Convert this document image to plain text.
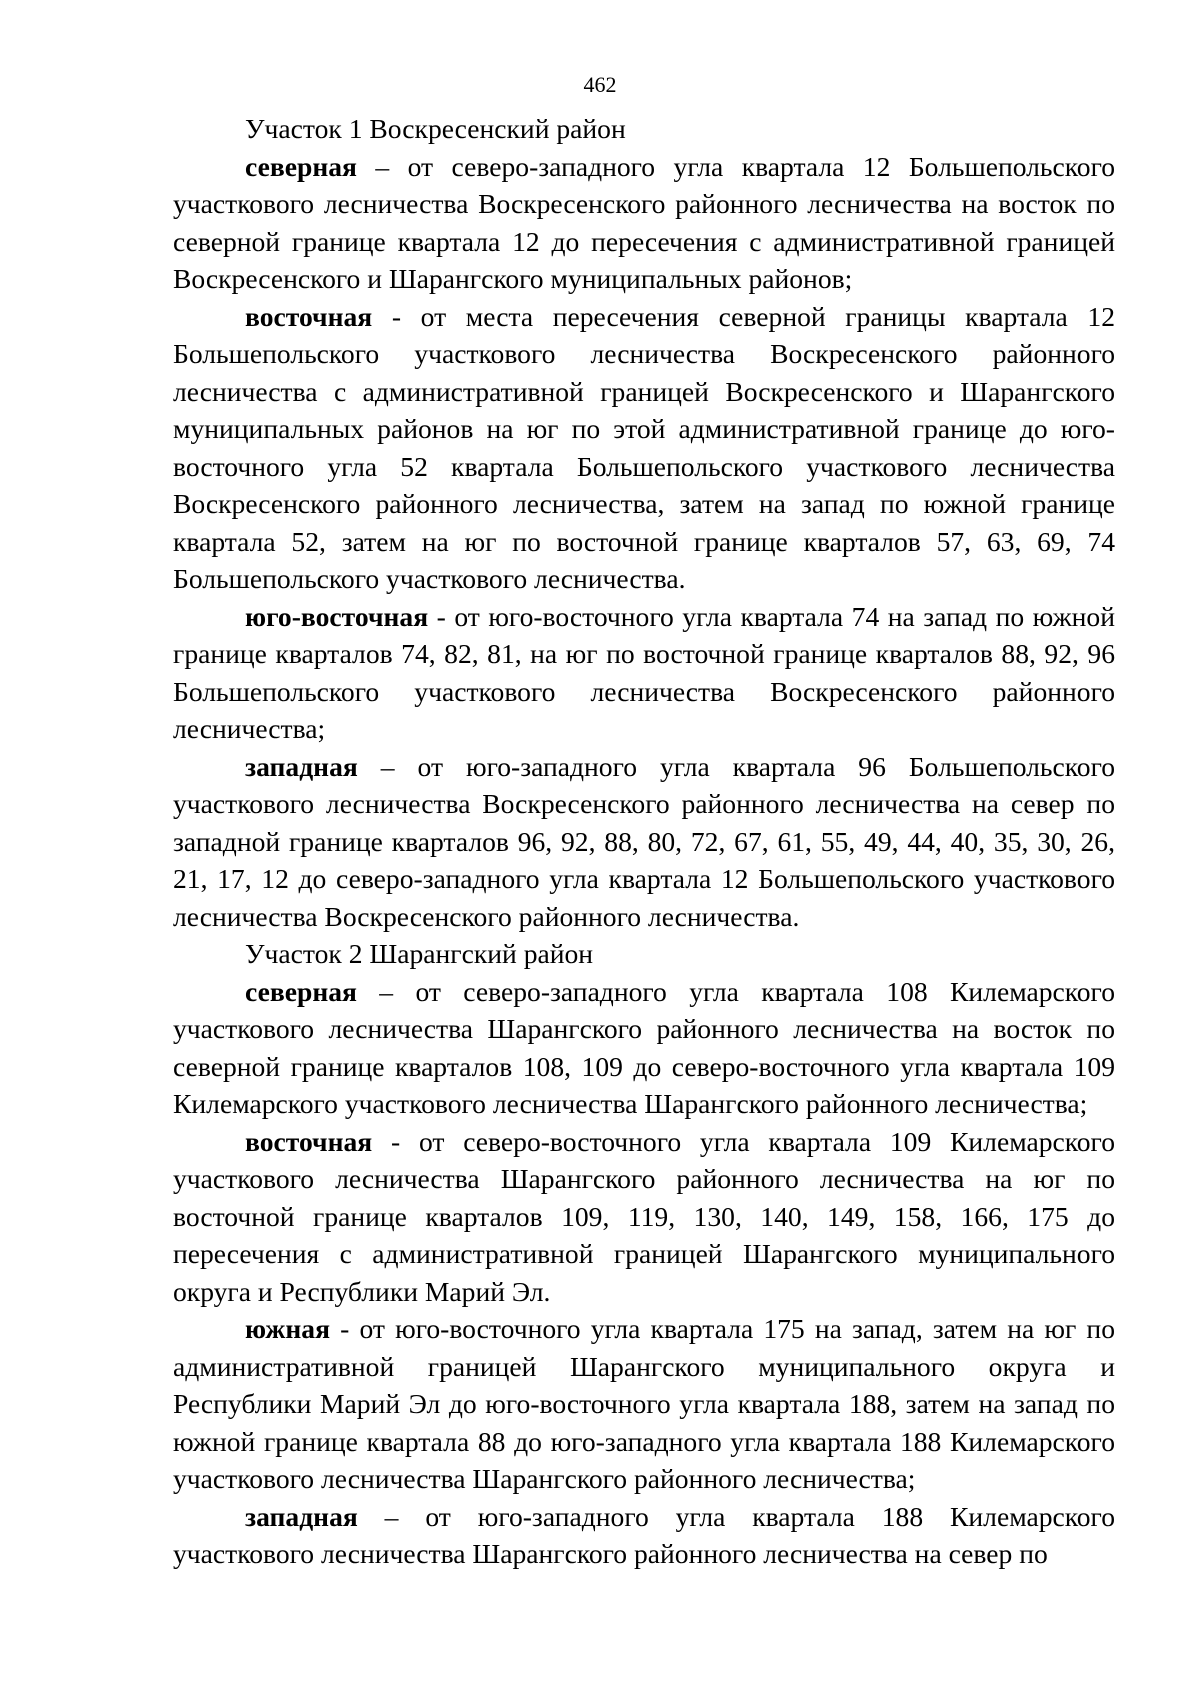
462

Участок 1 Воскресенский район

северная – от северо-западного угла квартала 12 Большепольского участкового лесничества Воскресенского районного лесничества на восток по северной границе квартала 12 до пересечения с административной границей Воскресенского и Шарангского муниципальных районов;

восточная - от места пересечения северной границы квартала 12 Большепольского участкового лесничества Воскресенского районного лесничества с административной границей Воскресенского и Шарангского муниципальных районов на юг по этой административной границе до юго-восточного угла 52 квартала Большепольского участкового лесничества Воскресенского районного лесничества, затем на запад по южной границе квартала 52, затем на юг по восточной границе кварталов 57, 63, 69, 74 Большепольского участкового лесничества.

юго-восточная - от юго-восточного угла квартала 74 на запад по южной границе кварталов 74, 82, 81, на юг по восточной границе кварталов 88, 92, 96 Большепольского участкового лесничества Воскресенского районного лесничества;

западная – от юго-западного угла квартала 96 Большепольского участкового лесничества Воскресенского районного лесничества на север по западной границе кварталов 96, 92, 88, 80, 72, 67, 61, 55, 49, 44, 40, 35, 30, 26, 21, 17, 12 до северо-западного угла квартала 12 Большепольского участкового лесничества Воскресенского районного лесничества.

Участок 2 Шарангский район

северная – от северо-западного угла квартала 108 Килемарского участкового лесничества Шарангского районного лесничества на восток по северной границе кварталов 108, 109 до северо-восточного угла квартала 109 Килемарского участкового лесничества Шарангского районного лесничества;

восточная - от северо-восточного угла квартала 109 Килемарского участкового лесничества Шарангского районного лесничества на юг по восточной границе кварталов 109, 119, 130, 140, 149, 158, 166, 175 до пересечения с административной границей Шарангского муниципального округа и Республики Марий Эл.

южная - от юго-восточного угла квартала 175 на запад, затем на юг по административной границей Шарангского муниципального округа и Республики Марий Эл до юго-восточного угла квартала 188, затем на запад по южной границе квартала 88 до юго-западного угла квартала 188 Килемарского участкового лесничества Шарангского районного лесничества;

западная – от юго-западного угла квартала 188 Килемарского участкового лесничества Шарангского районного лесничества на север по
